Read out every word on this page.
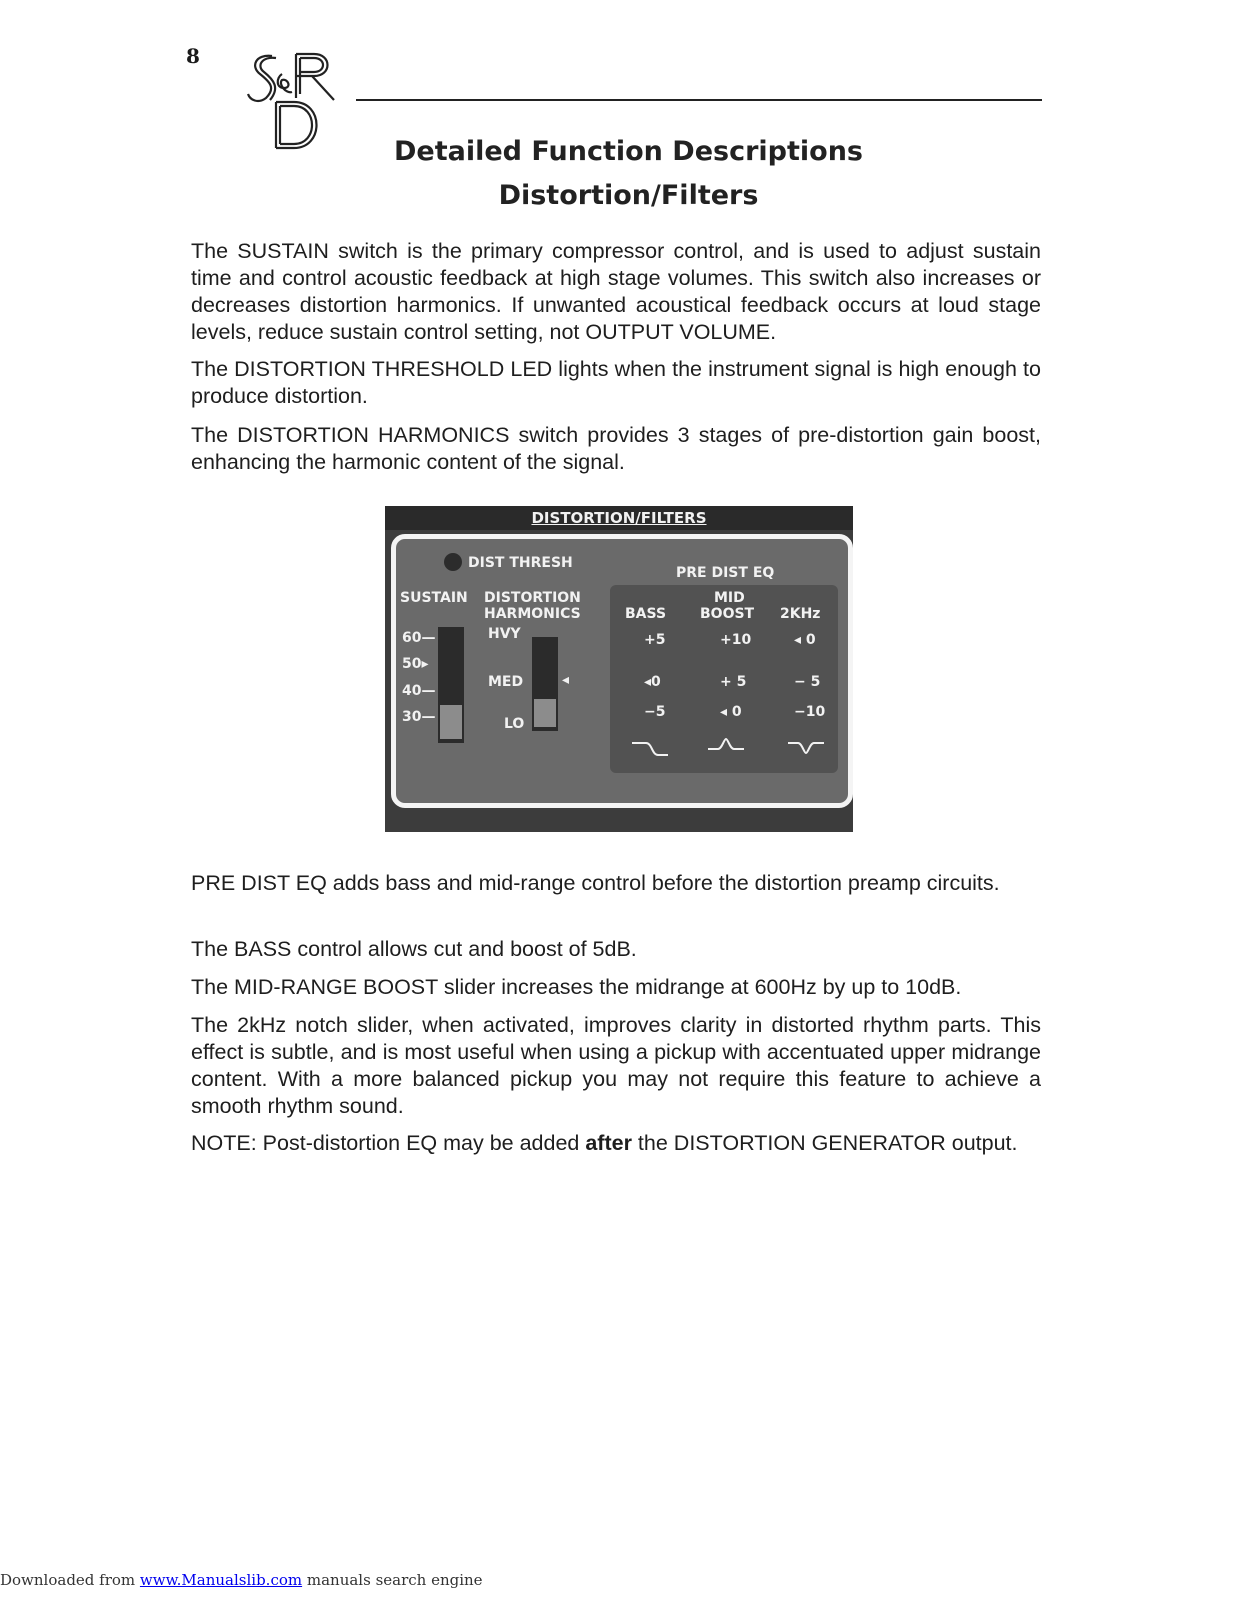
8
Detailed Function Descriptions
Distortion/Filters
The SUSTAIN switch is the primary compressor control, and is used to adjust sustain time and control acoustic feedback at high stage volumes. This switch also increases or decreases distortion harmonics. If unwanted acoustical feedback occurs at loud stage levels, reduce sustain control setting, not OUTPUT VOLUME.
The DISTORTION THRESHOLD LED lights when the instrument signal is high enough to produce distortion.
The DISTORTION HARMONICS switch provides 3 stages of pre-distortion gain boost, enhancing the harmonic content of the signal.
DISTORTION/FILTERS
DIST THRESH
SUSTAIN
60—
50▸
40—
30—
DISTORTION
HARMONICS
HVY
MED
LO
◂
PRE DIST EQ
BASS
+5
◂0
−5
MID
BOOST
+10
+ 5
◂ 0
2KHz
◂ 0
− 5
−10
PRE DIST EQ adds bass and mid-range control before the distortion preamp circuits.
The BASS control allows cut and boost of 5dB.
The MID-RANGE BOOST slider increases the midrange at 600Hz by up to 10dB.
The 2kHz notch slider, when activated, improves clarity in distorted rhythm parts. This effect is subtle, and is most useful when using a pickup with accentuated upper midrange content. With a more balanced pickup you may not require this feature to achieve a smooth rhythm sound.
NOTE: Post-distortion EQ may be added after the DISTORTION GENERATOR output.
Downloaded from www.Manualslib.com manuals search engine
